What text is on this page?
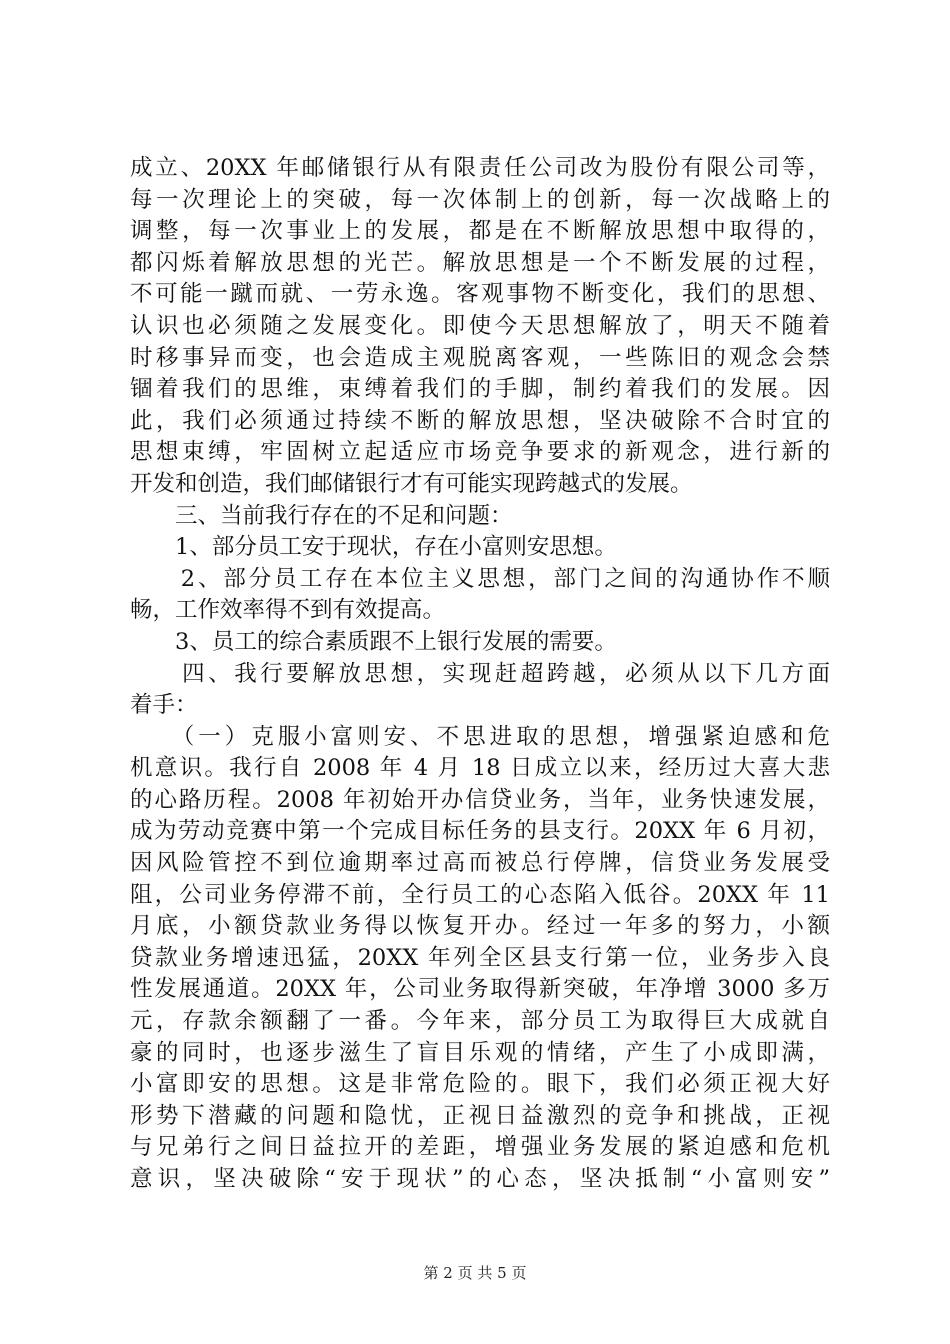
成立、20XX 年邮储银行从有限责任公司改为股份有限公司等，
每一次理论上的突破，每一次体制上的创新，每一次战略上的
调整，每一次事业上的发展，都是在不断解放思想中取得的，
都闪烁着解放思想的光芒。解放思想是一个不断发展的过程，
不可能一蹴而就、一劳永逸。客观事物不断变化，我们的思想、
认识也必须随之发展变化。即使今天思想解放了，明天不随着
时移事异而变，也会造成主观脱离客观，一些陈旧的观念会禁
锢着我们的思维，束缚着我们的手脚，制约着我们的发展。因
此，我们必须通过持续不断的解放思想，坚决破除不合时宜的
思想束缚，牢固树立起适应市场竞争要求的新观念，进行新的
开发和创造，我们邮储银行才有可能实现跨越式的发展。
　　三、当前我行存在的不足和问题：
　　1、部分员工安于现状，存在小富则安思想。
　　2、部分员工存在本位主义思想，部门之间的沟通协作不顺
畅，工作效率得不到有效提高。
　　3、员工的综合素质跟不上银行发展的需要。
　　四、我行要解放思想，实现赶超跨越，必须从以下几方面
着手：
　　（一）克服小富则安、不思进取的思想，增强紧迫感和危
机意识。我行自 2008 年 4 月 18 日成立以来，经历过大喜大悲
的心路历程。2008 年初始开办信贷业务，当年，业务快速发展，
成为劳动竞赛中第一个完成目标任务的县支行。20XX 年 6 月初，
因风险管控不到位逾期率过高而被总行停牌，信贷业务发展受
阻，公司业务停滞不前，全行员工的心态陷入低谷。20XX 年 11
月底，小额贷款业务得以恢复开办。经过一年多的努力，小额
贷款业务增速迅猛，20XX 年列全区县支行第一位，业务步入良
性发展通道。20XX 年，公司业务取得新突破，年净增 3000 多万
元，存款余额翻了一番。今年来，部分员工为取得巨大成就自
豪的同时，也逐步滋生了盲目乐观的情绪，产生了小成即满，
小富即安的思想。这是非常危险的。眼下，我们必须正视大好
形势下潜藏的问题和隐忧，正视日益激烈的竞争和挑战，正视
与兄弟行之间日益拉开的差距，增强业务发展的紧迫感和危机
意识，坚决破除“安于现状”的心态，坚决抵制“小富则安”
第 2 页 共 5 页
